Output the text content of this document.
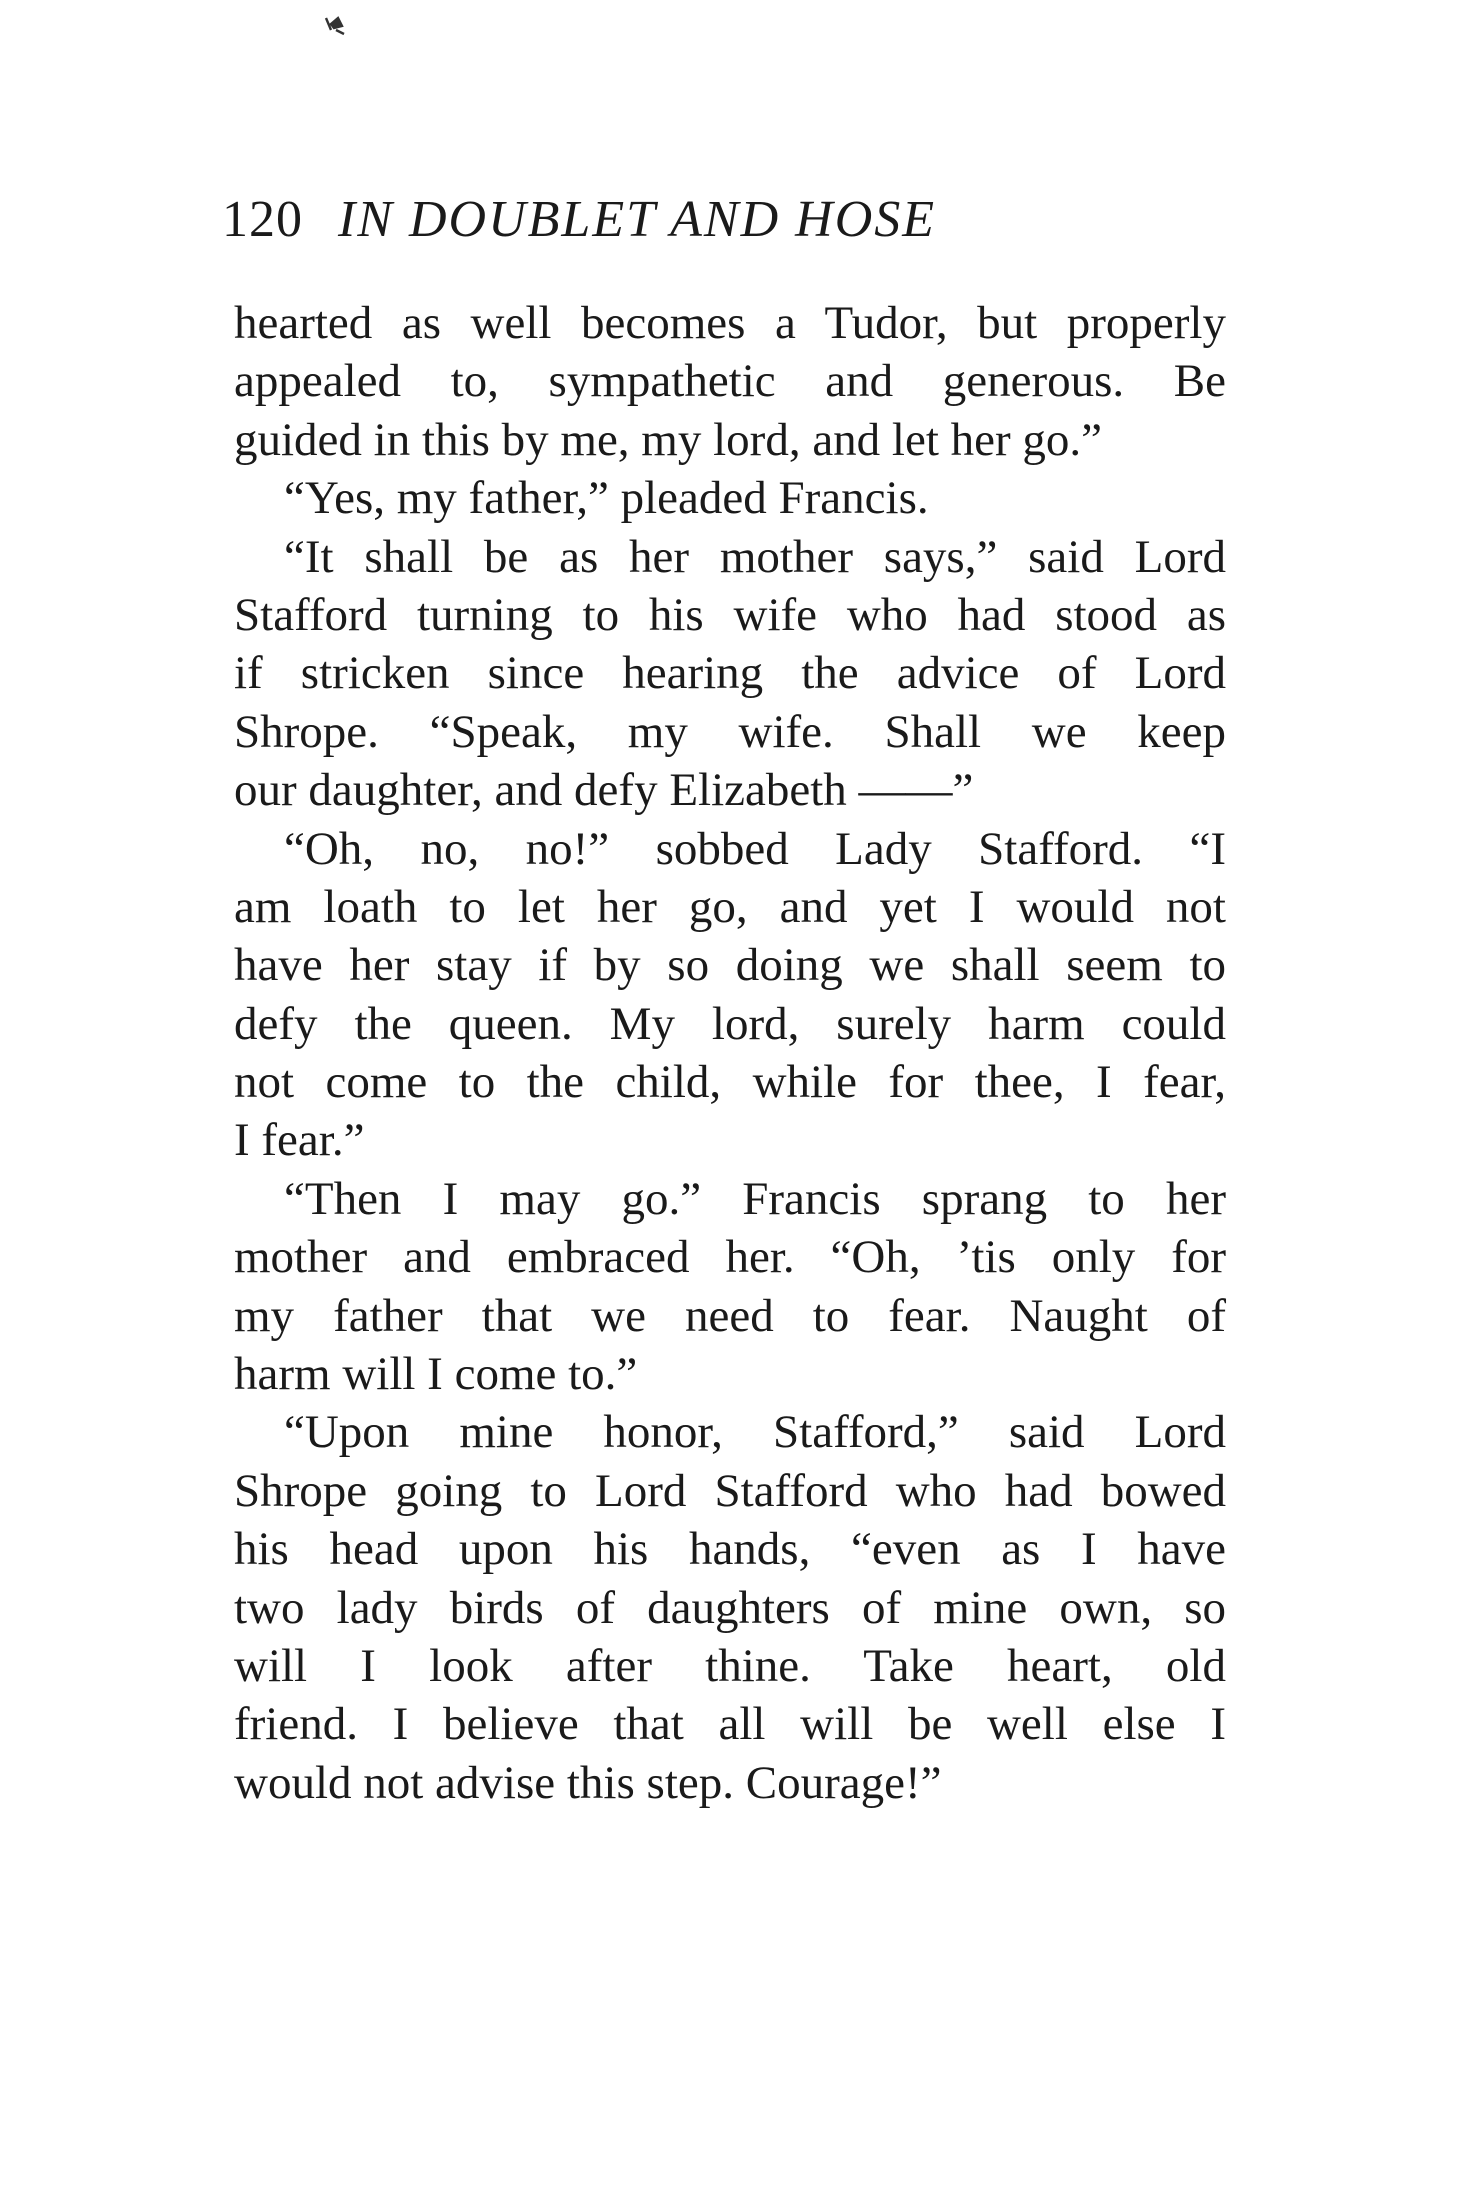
120 IN DOUBLET AND HOSE
hearted as well becomes a Tudor, but properly
appealed to, sympathetic and generous. Be
guided in this by me, my lord, and let her go.”
“Yes, my father,” pleaded Francis.
“It shall be as her mother says,” said Lord
Stafford turning to his wife who had stood as
if stricken since hearing the advice of Lord
Shrope. “Speak, my wife. Shall we keep
our daughter, and defy Elizabeth ——”
“Oh, no, no!” sobbed Lady Stafford. “I
am loath to let her go, and yet I would not
have her stay if by so doing we shall seem to
defy the queen. My lord, surely harm could
not come to the child, while for thee, I fear,
I fear.”
“Then I may go.” Francis sprang to her
mother and embraced her. “Oh, ’tis only for
my father that we need to fear. Naught of
harm will I come to.”
“Upon mine honor, Stafford,” said Lord
Shrope going to Lord Stafford who had bowed
his head upon his hands, “even as I have
two lady birds of daughters of mine own, so
will I look after thine. Take heart, old
friend. I believe that all will be well else I
would not advise this step. Courage!”
